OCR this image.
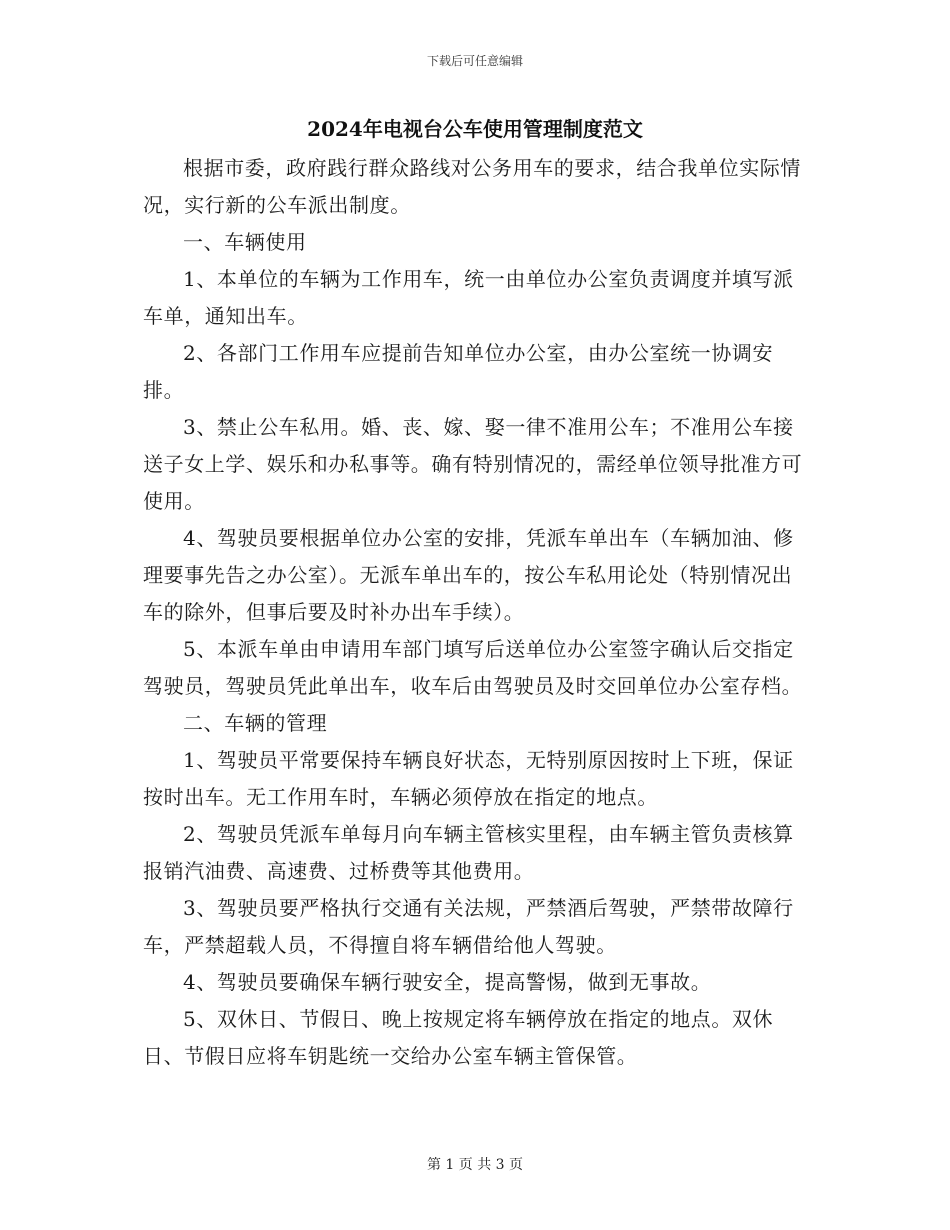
下载后可任意编辑
2024年电视台公车使用管理制度范文

根据市委，政府践行群众路线对公务用车的要求，结合我单位实际情况，实行新的公车派出制度。

一、车辆使用

1、本单位的车辆为工作用车，统一由单位办公室负责调度并填写派车单，通知出车。

2、各部门工作用车应提前告知单位办公室，由办公室统一协调安排。

3、禁止公车私用。婚、丧、嫁、娶一律不准用公车；不准用公车接送子女上学、娱乐和办私事等。确有特别情况的，需经单位领导批准方可使用。

4、驾驶员要根据单位办公室的安排，凭派车单出车（车辆加油、修理要事先告之办公室）。无派车单出车的，按公车私用论处（特别情况出车的除外，但事后要及时补办出车手续）。

5、本派车单由申请用车部门填写后送单位办公室签字确认后交指定驾驶员，驾驶员凭此单出车，收车后由驾驶员及时交回单位办公室存档。

二、车辆的管理

1、驾驶员平常要保持车辆良好状态，无特别原因按时上下班，保证按时出车。无工作用车时，车辆必须停放在指定的地点。

2、驾驶员凭派车单每月向车辆主管核实里程，由车辆主管负责核算报销汽油费、高速费、过桥费等其他费用。

3、驾驶员要严格执行交通有关法规，严禁酒后驾驶，严禁带故障行车，严禁超载人员，不得擅自将车辆借给他人驾驶。

4、驾驶员要确保车辆行驶安全，提高警惕，做到无事故。

5、双休日、节假日、晚上按规定将车辆停放在指定的地点。双休日、节假日应将车钥匙统一交给办公室车辆主管保管。

第 1 页 共 3 页
